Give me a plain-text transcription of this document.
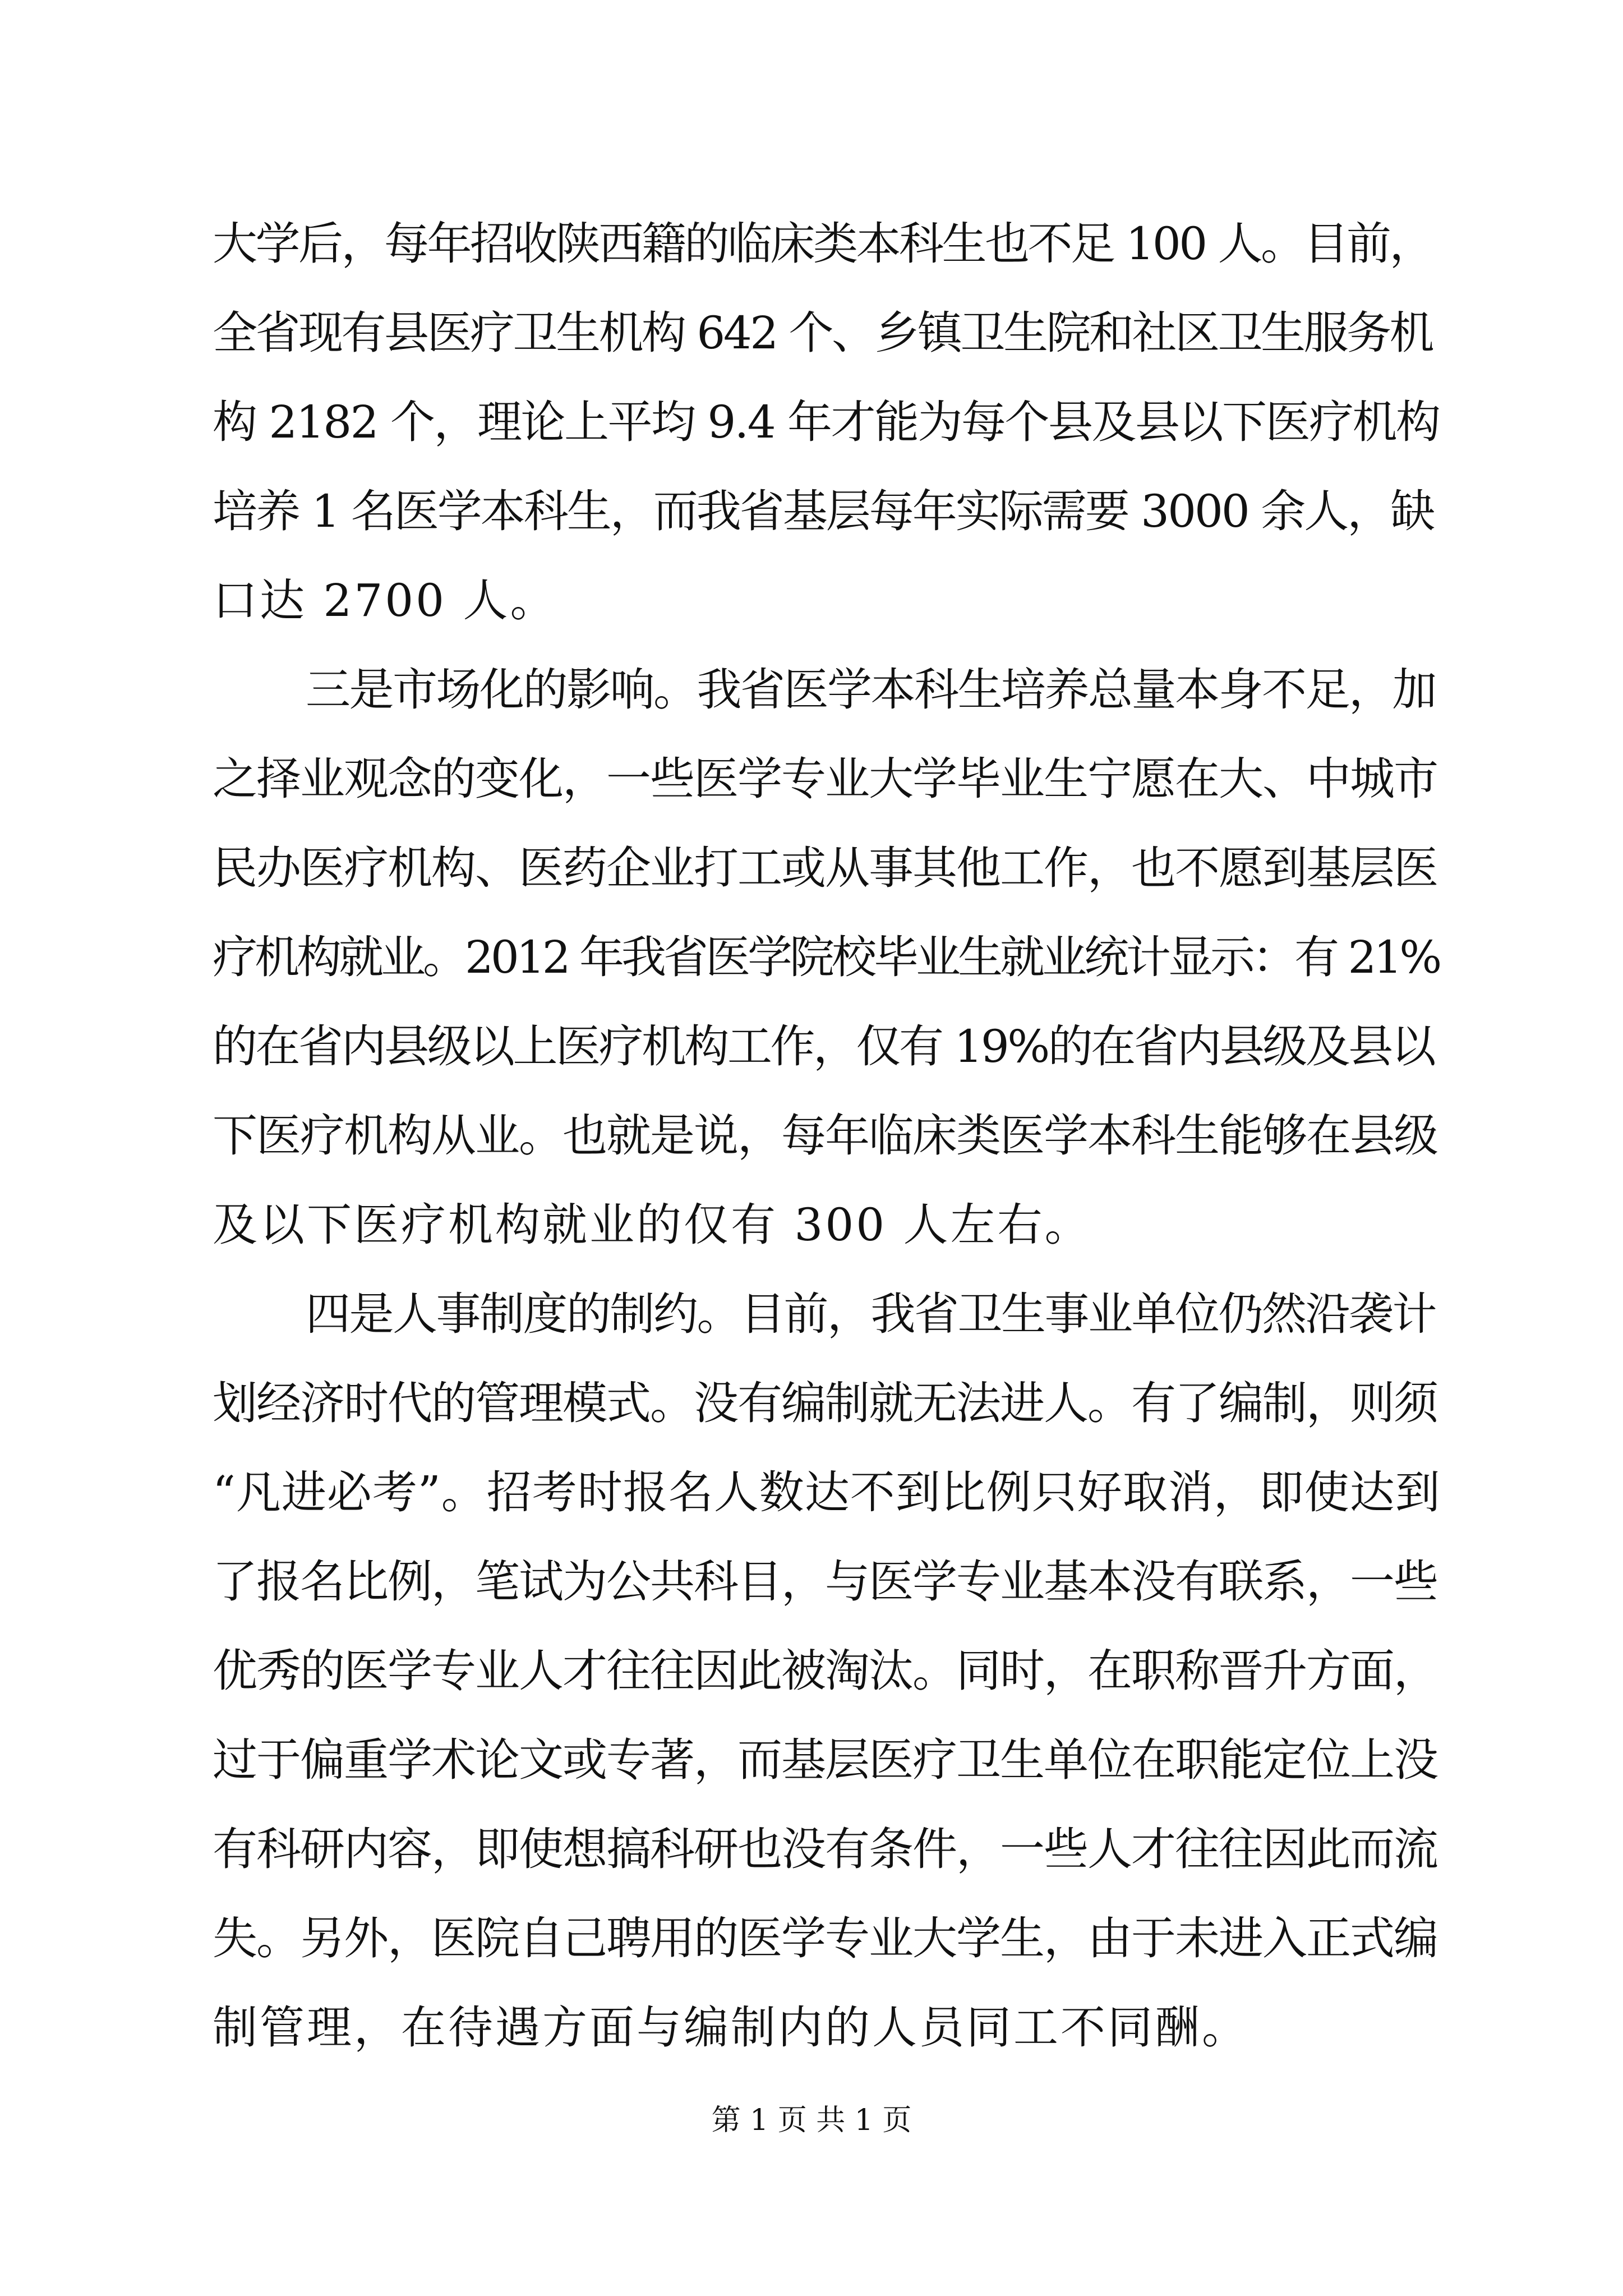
大学后，每年招收陕西籍的临床类本科生也不足 100 人。目前，
全省现有县医疗卫生机构 642 个、乡镇卫生院和社区卫生服务机
构 2182 个，理论上平均 9.4 年才能为每个县及县以下医疗机构
培养 1 名医学本科生，而我省基层每年实际需要 3000 余人，缺
口达 2700 人。
三是市场化的影响。我省医学本科生培养总量本身不足，加
之择业观念的变化，一些医学专业大学毕业生宁愿在大、中城市
民办医疗机构、医药企业打工或从事其他工作，也不愿到基层医
疗机构就业。2012 年我省医学院校毕业生就业统计显示：有 21%
的在省内县级以上医疗机构工作，仅有 19%的在省内县级及县以
下医疗机构从业。也就是说，每年临床类医学本科生能够在县级
及以下医疗机构就业的仅有 300 人左右。
四是人事制度的制约。目前，我省卫生事业单位仍然沿袭计
划经济时代的管理模式。没有编制就无法进人。有了编制，则须
“凡进必考”。招考时报名人数达不到比例只好取消，即使达到
了报名比例，笔试为公共科目，与医学专业基本没有联系，一些
优秀的医学专业人才往往因此被淘汰。同时，在职称晋升方面，
过于偏重学术论文或专著，而基层医疗卫生单位在职能定位上没
有科研内容，即使想搞科研也没有条件，一些人才往往因此而流
失。另外，医院自己聘用的医学专业大学生，由于未进入正式编
制管理，在待遇方面与编制内的人员同工不同酬。
第 1 页 共 1 页
